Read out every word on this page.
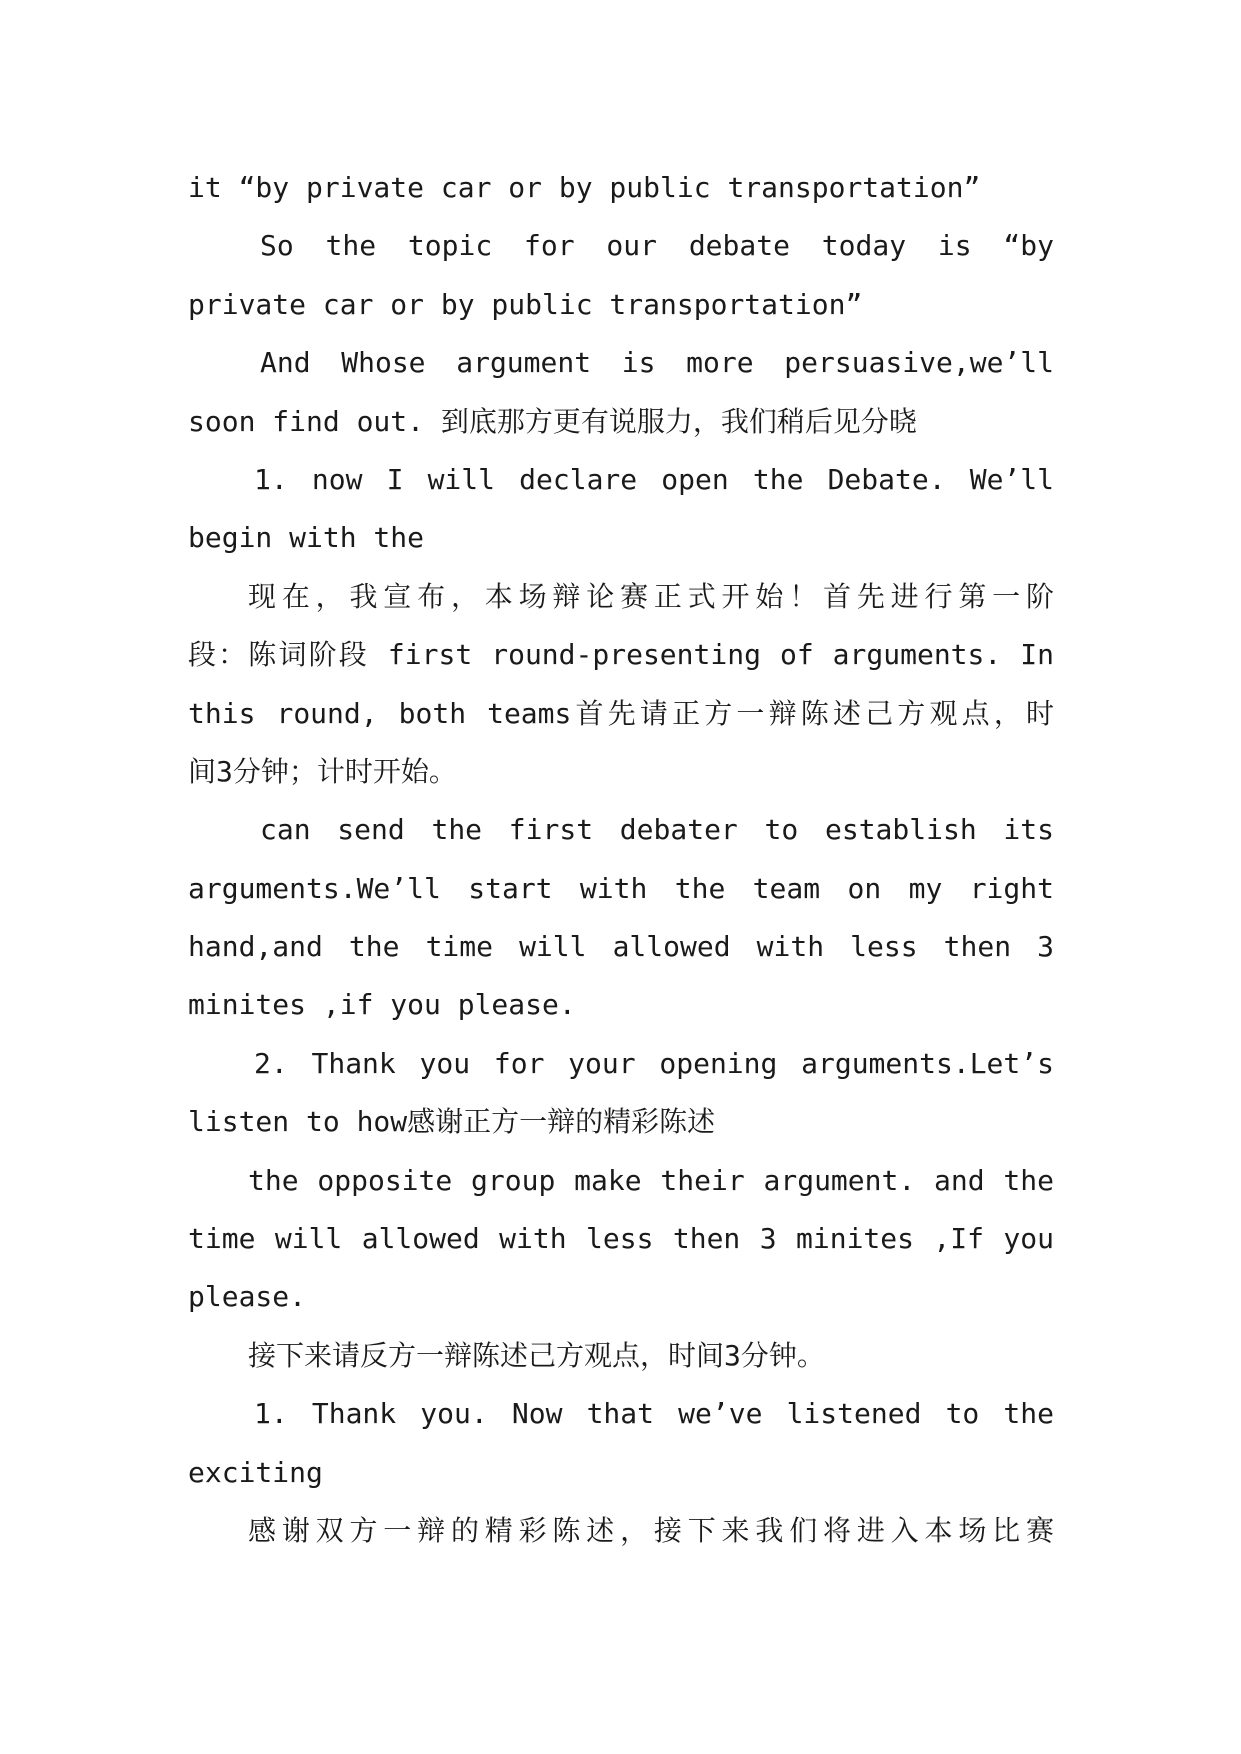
it “by private car or by public transportation”
So the topic for our debate today is “by
private car or by public transportation”
And Whose argument is more persuasive,we’ll
soon find out. 到底那方更有说服力，我们稍后见分晓
1. now I will declare open the Debate. We’ll
begin with the
现在，我宣布，本场辩论赛正式开始！首先进行第一阶
段：陈词阶段 first round-presenting of arguments. In
this round, both teams首先请正方一辩陈述己方观点，时
间3分钟；计时开始。
can send the first debater to establish its
arguments.We’ll start with the team on my right
hand,and the time will allowed with less then 3
minites ,if you please.
2. Thank you for your opening arguments.Let’s
listen to how感谢正方一辩的精彩陈述
the opposite group make their argument. and the
time will allowed with less then 3 minites ,If you
please.
接下来请反方一辩陈述己方观点，时间3分钟。
1. Thank you. Now that we’ve listened to the
exciting
感谢双方一辩的精彩陈述，接下来我们将进入本场比赛
